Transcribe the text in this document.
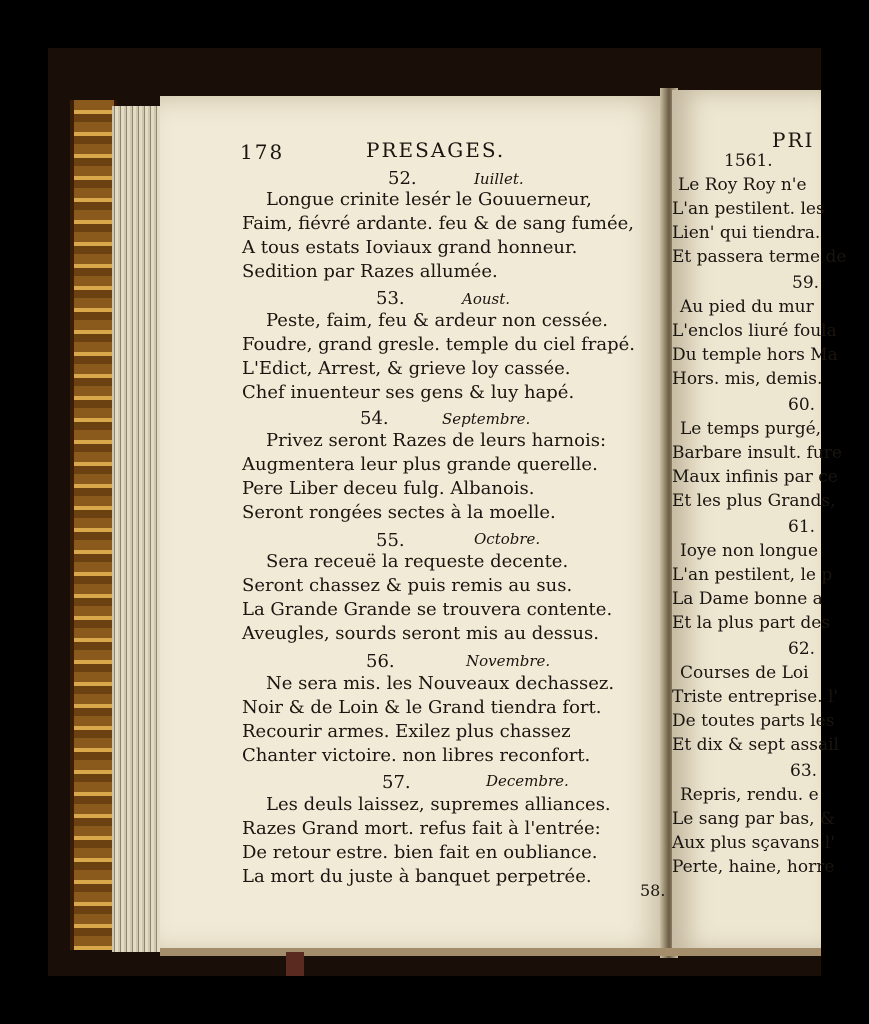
178	PRESAGES.
52.	Iuillet.
Longue crinite lesér le Gouuerneur,
Faim, fiévré ardante. feu & de sang fumée,
A tous estats Ioviaux grand honneur.
Sedition par Razes allumée.
53.	Aoust.
Peste, faim, feu & ardeur non cessée.
Foudre, grand gresle. temple du ciel frapé.
L'Edict, Arrest, & grieve loy cassée.
Chef inuenteur ses gens & luy hapé.
54.	Septembre.
Privez seront Razes de leurs harnois:
Augmentera leur plus grande querelle.
Pere Liber deceu fulg. Albanois.
Seront rongées sectes à la moelle.
55.	Octobre.
Sera receuë la requeste decente.
Seront chassez & puis remis au sus.
La Grande Grande se trouvera contente.
Aveugles, sourds seront mis au dessus.
56.	Novembre.
Ne sera mis. les Nouveaux dechassez.
Noir & de Loin & le Grand tiendra fort.
Recourir armes. Exilez plus chassez
Chanter victoire. non libres reconfort.
57.	Decembre.
Les deuls laissez, supremes alliances.
Razes Grand mort. refus fait à l'entrée:
De retour estre. bien fait en oubliance.
La mort du juste à banquet perpetrée.
58.
PRI
1561.
Le Roy Roy n'e
L'an pestilent. les
Lien' qui tiendra.
Et passera terme de
59.
Au pied du mur
L'enclos liuré foula
Du temple hors Ma
Hors. mis, demis.
60.
Le temps purgé,
Barbare insult. fure
Maux infinis par ce
Et les plus Grands,
61.
Ioye non longue
L'an pestilent, le p
La Dame bonne a
Et la plus part des
62.
Courses de Loi
Triste entreprise. l'
De toutes parts les
Et dix & sept assail
63.
Repris, rendu. e
Le sang par bas, &
Aux plus sçavans l'
Perte, haine, horre
